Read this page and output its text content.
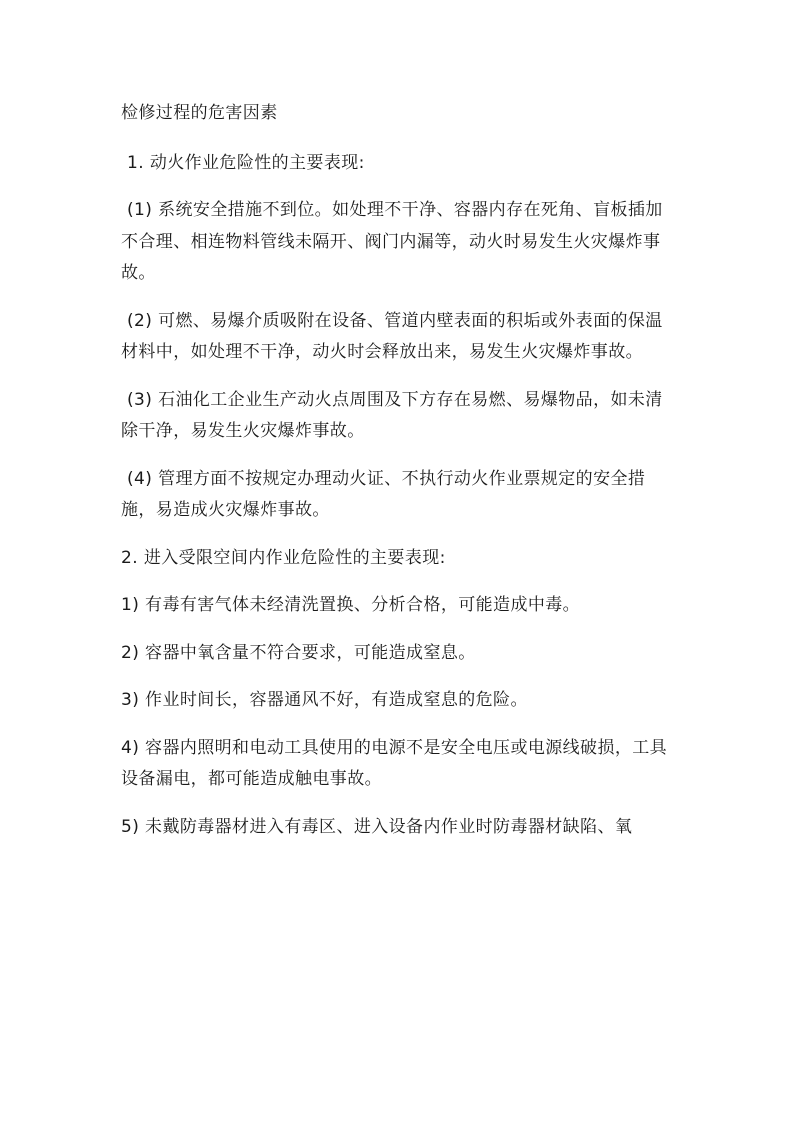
检修过程的危害因素

1. 动火作业危险性的主要表现:

(1) 系统安全措施不到位。如处理不干净、容器内存在死角、盲板插加不合理、相连物料管线未隔开、阀门内漏等，动火时易发生火灾爆炸事故。

(2) 可燃、易爆介质吸附在设备、管道内壁表面的积垢或外表面的保温材料中，如处理不干净，动火时会释放出来，易发生火灾爆炸事故。

(3) 石油化工企业生产动火点周围及下方存在易燃、易爆物品，如未清除干净，易发生火灾爆炸事故。

(4) 管理方面不按规定办理动火证、不执行动火作业票规定的安全措施，易造成火灾爆炸事故。

2. 进入受限空间内作业危险性的主要表现:

1) 有毒有害气体未经清洗置换、分析合格，可能造成中毒。

2) 容器中氧含量不符合要求，可能造成窒息。

3) 作业时间长，容器通风不好，有造成窒息的危险。

4) 容器内照明和电动工具使用的电源不是安全电压或电源线破损，工具设备漏电，都可能造成触电事故。

5) 未戴防毒器材进入有毒区、进入设备内作业时防毒器材缺陷、氧
